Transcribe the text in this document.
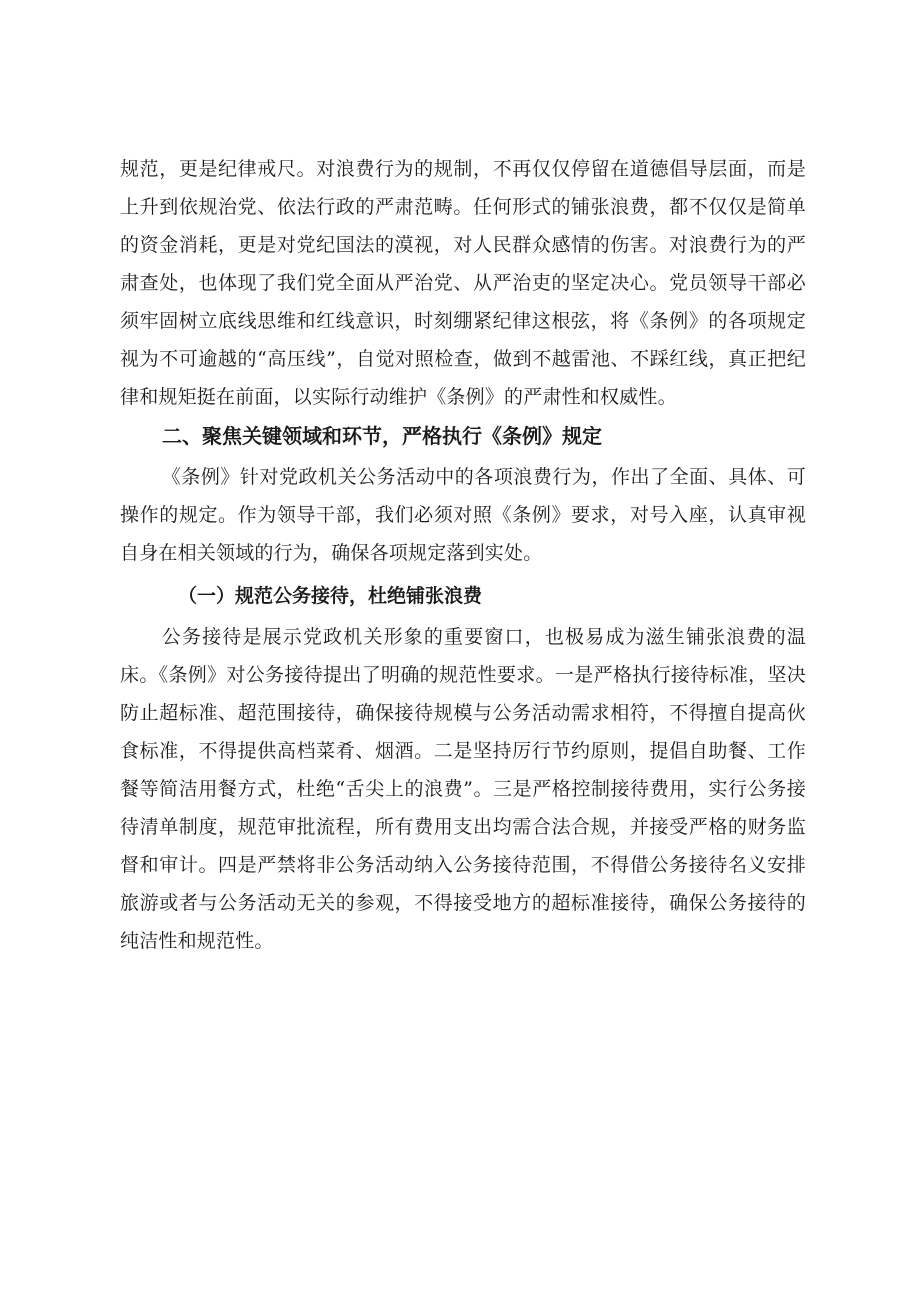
规范，更是纪律戒尺。对浪费行为的规制，不再仅仅停留在道德倡导层面，而是上升到依规治党、依法行政的严肃范畴。任何形式的铺张浪费，都不仅仅是简单的资金消耗，更是对党纪国法的漠视，对人民群众感情的伤害。对浪费行为的严肃查处，也体现了我们党全面从严治党、从严治吏的坚定决心。党员领导干部必须牢固树立底线思维和红线意识，时刻绷紧纪律这根弦，将《条例》的各项规定视为不可逾越的“高压线”，自觉对照检查，做到不越雷池、不踩红线，真正把纪律和规矩挺在前面，以实际行动维护《条例》的严肃性和权威性。

二、聚焦关键领域和环节，严格执行《条例》规定

《条例》针对党政机关公务活动中的各项浪费行为，作出了全面、具体、可操作的规定。作为领导干部，我们必须对照《条例》要求，对号入座，认真审视自身在相关领域的行为，确保各项规定落到实处。

（一）规范公务接待，杜绝铺张浪费

公务接待是展示党政机关形象的重要窗口，也极易成为滋生铺张浪费的温床。《条例》对公务接待提出了明确的规范性要求。一是严格执行接待标准，坚决防止超标准、超范围接待，确保接待规模与公务活动需求相符，不得擅自提高伙食标准，不得提供高档菜肴、烟酒。二是坚持厉行节约原则，提倡自助餐、工作餐等简洁用餐方式，杜绝“舌尖上的浪费”。三是严格控制接待费用，实行公务接待清单制度，规范审批流程，所有费用支出均需合法合规，并接受严格的财务监督和审计。四是严禁将非公务活动纳入公务接待范围，不得借公务接待名义安排旅游或者与公务活动无关的参观，不得接受地方的超标准接待，确保公务接待的纯洁性和规范性。
